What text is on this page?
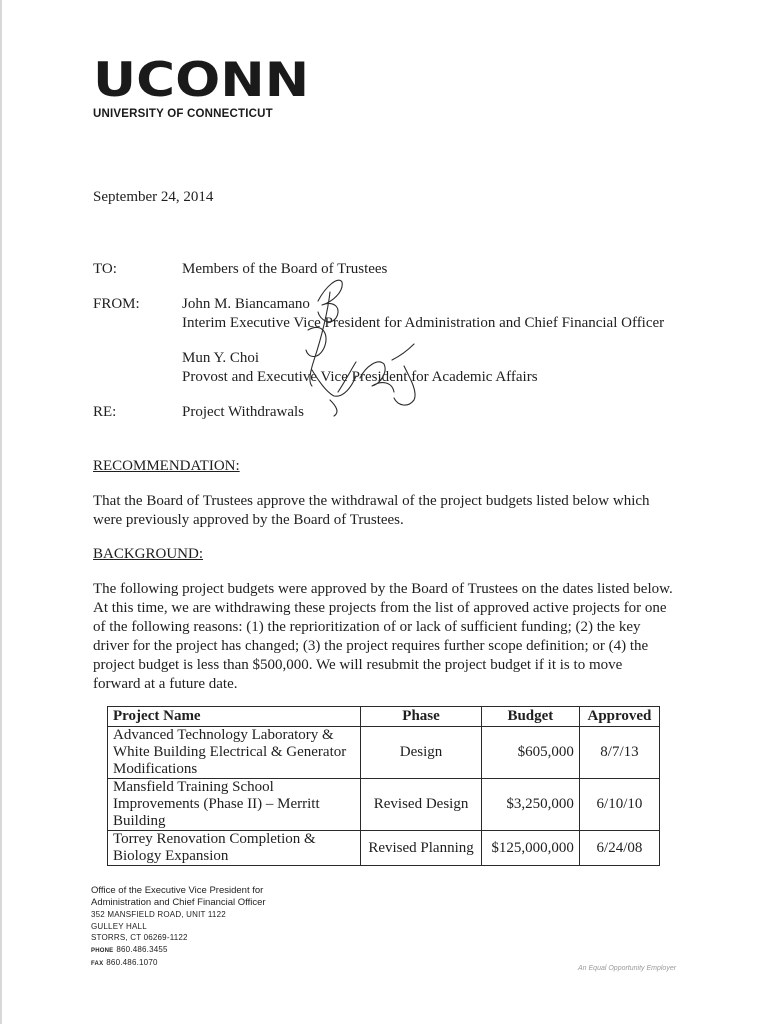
UCONN
UNIVERSITY OF CONNECTICUT
September 24, 2014
TO:	Members of the Board of Trustees
FROM:	John M. Biancamano
Interim Executive Vice President for Administration and Chief Financial Officer
Mun Y. Choi
Provost and Executive Vice President for Academic Affairs
RE:	Project Withdrawals
RECOMMENDATION:
That the Board of Trustees approve the withdrawal of the project budgets listed below which
were previously approved by the Board of Trustees.
BACKGROUND:
The following project budgets were approved by the Board of Trustees on the dates listed below.
At this time, we are withdrawing these projects from the list of approved active projects for one
of the following reasons: (1) the reprioritization of or lack of sufficient funding; (2) the key
driver for the project has changed; (3) the project requires further scope definition; or (4) the
project budget is less than $500,000. We will resubmit the project budget if it is to move
forward at a future date.
Project Name	Phase	Budget	Approved

Advanced Technology Laboratory &
White Building Electrical & Generator
Modifications	Design	$605,000	8/7/13

Mansfield Training School
Improvements (Phase II) – Merritt
Building	Revised Design	$3,250,000	6/10/10

Torrey Renovation Completion &
Biology Expansion	Revised Planning	$125,000,000	6/24/08
Office of the Executive Vice President for
Administration and Chief Financial Officer
352 MANSFIELD ROAD, UNIT 1122
GULLEY HALL
STORRS, CT 06269-1122
PHONE 860.486.3455
FAX 860.486.1070
An Equal Opportunity Employer
